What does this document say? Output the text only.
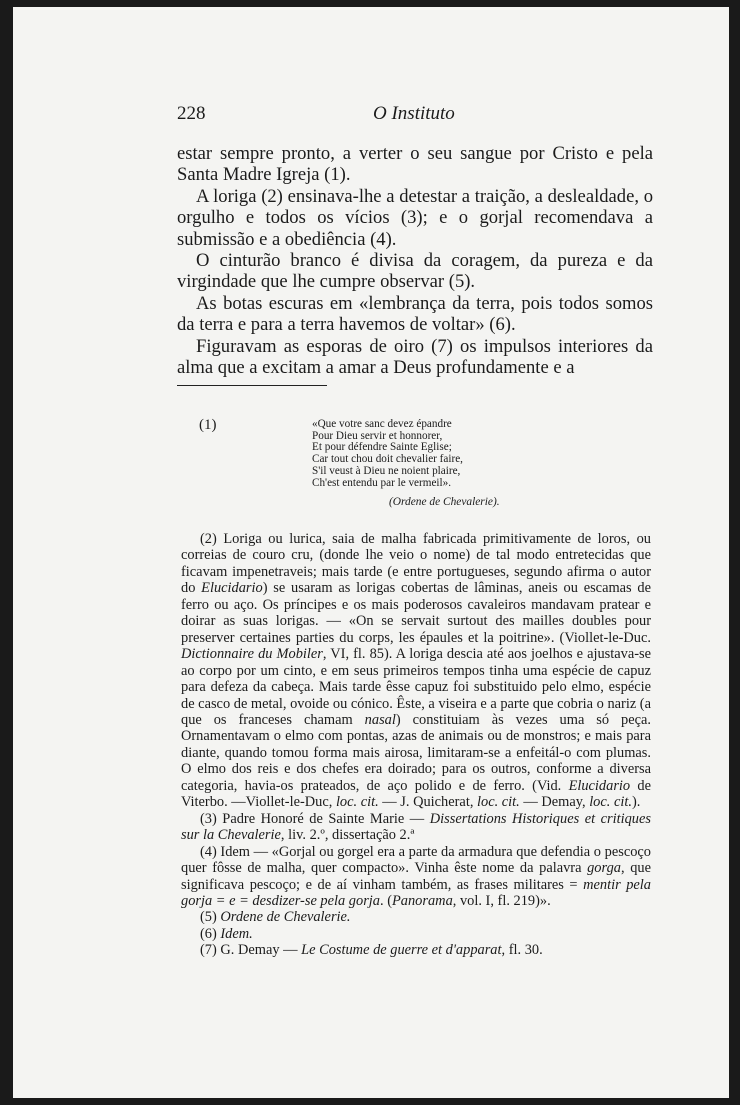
228	O Instituto

estar sempre pronto, a verter o seu sangue por Cristo e pela Santa Madre Igreja (1).

A loriga (2) ensinava-lhe a detestar a traição, a deslealdade, o orgulho e todos os vícios (3); e o gorjal recomendava a submissão e a obediência (4).

O cinturão branco é divisa da coragem, da pureza e da virgindade que lhe cumpre observar (5).

As botas escuras em «lembrança da terra, pois todos somos da terra e para a terra havemos de voltar» (6).

Figuravam as esporas de oiro (7) os impulsos interiores da alma que a excitam a amar a Deus profundamente e a

(1)	«Que votre sanc devez épandre
Pour Dieu servir et honnorer,
Et pour défendre Sainte Eglise;
Car tout chou doit chevalier faire,
S'il veust à Dieu ne noient plaire,
Ch'est entendu par le vermeil».
(Ordene de Chevalerie).

(2) Loriga ou lurica, saia de malha fabricada primitivamente de loros, ou correias de couro cru, (donde lhe veio o nome) de tal modo entretecidas que ficavam impenetraveis; mais tarde (e entre portugueses, segundo afirma o autor do Elucidario) se usaram as lorigas cobertas de lâminas, aneis ou escamas de ferro ou aço. Os príncipes e os mais poderosos cavaleiros mandavam pratear e doirar as suas lorigas. — «On se servait surtout des mailles doubles pour preserver certaines parties du corps, les épaules et la poitrine». (Viollet-le-Duc. Dictionnaire du Mobiler, VI, fl. 85). A loriga descia até aos joelhos e ajustava-se ao corpo por um cinto, e em seus primeiros tempos tinha uma espécie de capuz para defeza da cabeça. Mais tarde êsse capuz foi substituido pelo elmo, espécie de casco de metal, ovoide ou cónico. Êste, a viseira e a parte que cobria o nariz (a que os franceses chamam nasal) constituiam às vezes uma só peça. Ornamentavam o elmo com pontas, azas de animais ou de monstros; e mais para diante, quando tomou forma mais airosa, limitaram-se a enfeitál-o com plumas. O elmo dos reis e dos chefes era doirado; para os outros, conforme a diversa categoria, havia-os prateados, de aço polido e de ferro. (Vid. Elucidario de Viterbo. —Viollet-le-Duc, loc. cit. — J. Quicherat, loc. cit. — Demay, loc. cit.).

(3) Padre Honoré de Sainte Marie — Dissertations Historiques et critiques sur la Chevalerie, liv. 2.º, dissertação 2.ª

(4) Idem — «Gorjal ou gorgel era a parte da armadura que defendia o pescoço quer fôsse de malha, quer compacto». Vinha êste nome da palavra gorga, que significava pescoço; e de aí vinham também, as frases militares = mentir pela gorja = e = desdizer-se pela gorja. (Panorama, vol. I, fl. 219)».

(5) Ordene de Chevalerie.

(6) Idem.

(7) G. Demay — Le Costume de guerre et d'apparat, fl. 30.
